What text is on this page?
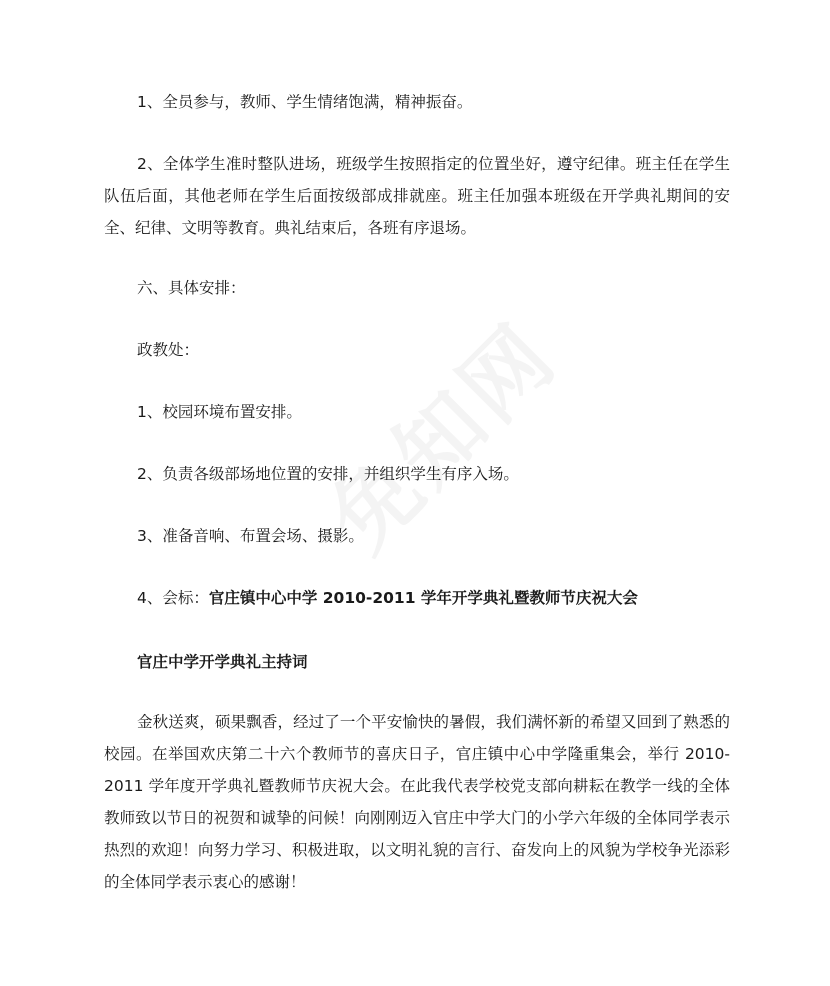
1、全员参与，教师、学生情绪饱满，精神振奋。
2、全体学生准时整队进场，班级学生按照指定的位置坐好，遵守纪律。班主任在学生队伍后面，其他老师在学生后面按级部成排就座。班主任加强本班级在开学典礼期间的安全、纪律、文明等教育。典礼结束后，各班有序退场。
六、具体安排：
政教处：
1、校园环境布置安排。
2、负责各级部场地位置的安排，并组织学生有序入场。
3、准备音响、布置会场、摄影。
4、会标：官庄镇中心中学 2010-2011 学年开学典礼暨教师节庆祝大会
官庄中学开学典礼主持词
金秋送爽，硕果飘香，经过了一个平安愉快的暑假，我们满怀新的希望又回到了熟悉的校园。在举国欢庆第二十六个教师节的喜庆日子，官庄镇中心中学隆重集会，举行 2010-2011 学年度开学典礼暨教师节庆祝大会。在此我代表学校党支部向耕耘在教学一线的全体教师致以节日的祝贺和诚挚的问候！向刚刚迈入官庄中学大门的小学六年级的全体同学表示热烈的欢迎！向努力学习、积极进取，以文明礼貌的言行、奋发向上的风貌为学校争光添彩的全体同学表示衷心的感谢！
